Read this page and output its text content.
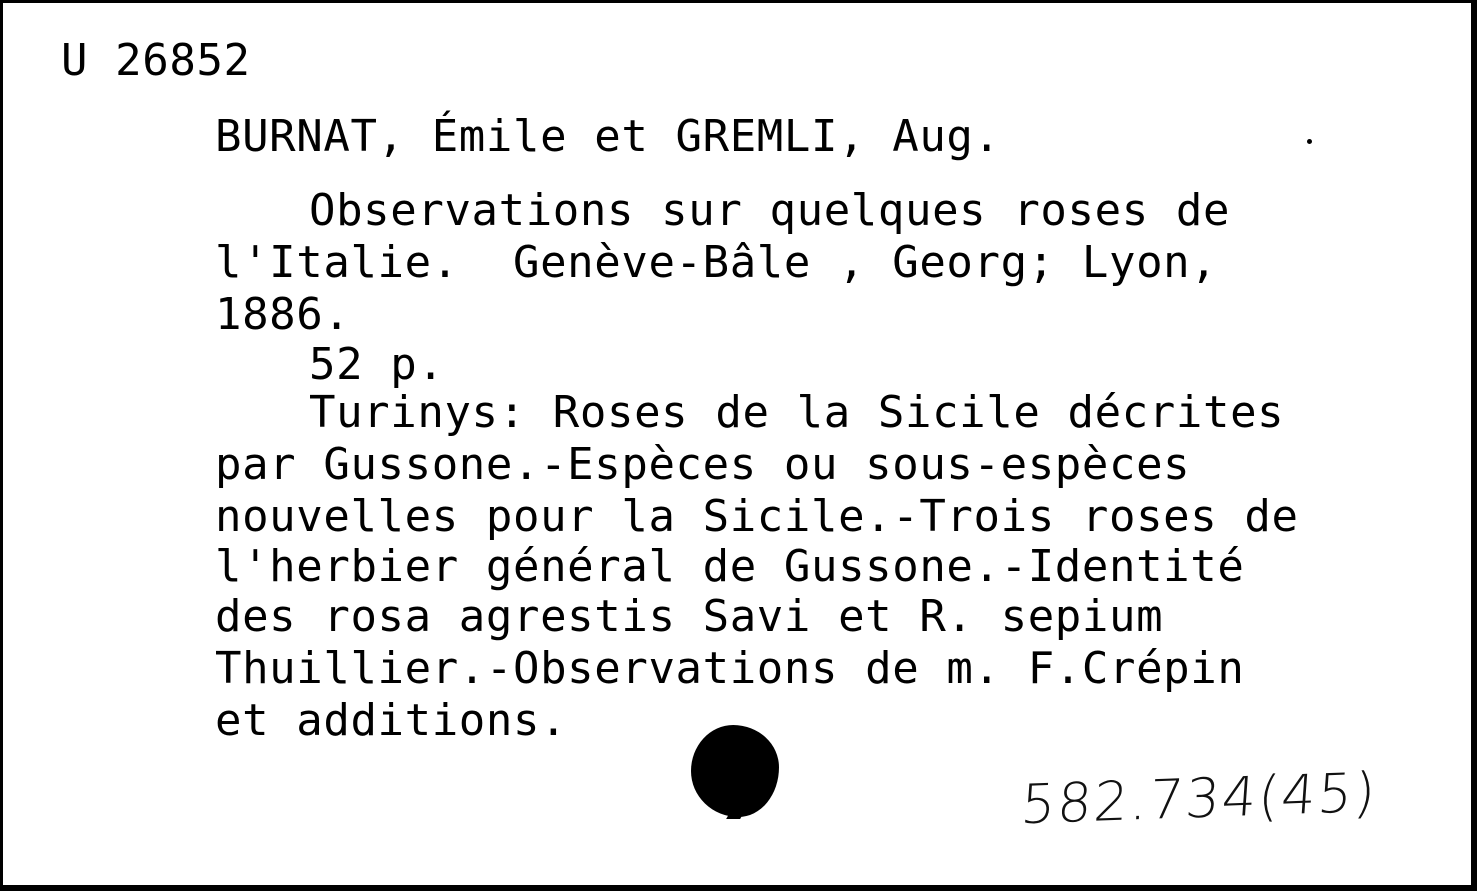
U 26852
BURNAT, Émile et GREMLI, Aug.
Observations sur quelques roses de
l'Italie.  Genève-Bâle , Georg; Lyon,
1886.
52 p.
Turinys: Roses de la Sicile décrites
par Gussone.-Espèces ou sous-espèces
nouvelles pour la Sicile.-Trois roses de
l'herbier général de Gussone.-Identité
des rosa agrestis Savi et R. sepium
Thuillier.-Observations de m. F.Crépin
et additions.
582.734(45)
